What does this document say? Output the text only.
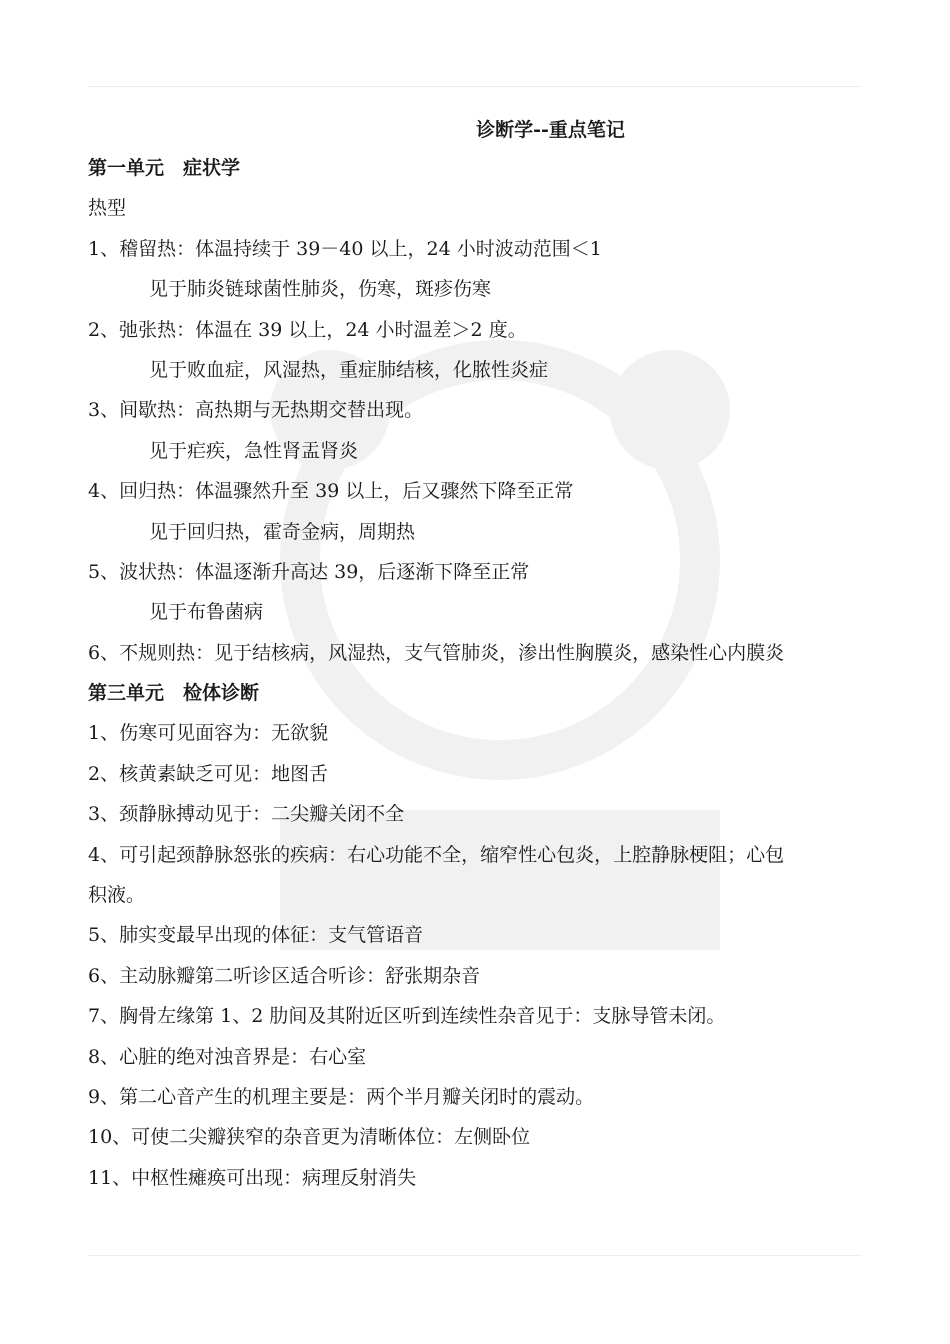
诊断学--重点笔记
第一单元　症状学
热型
1、稽留热：体温持续于 39－40 以上，24 小时波动范围＜1
见于肺炎链球菌性肺炎，伤寒，斑疹伤寒
2、弛张热：体温在 39 以上，24 小时温差＞2 度。
见于败血症，风湿热，重症肺结核，化脓性炎症
3、间歇热：高热期与无热期交替出现。
见于疟疾，急性肾盂肾炎
4、回归热：体温骤然升至 39 以上，后又骤然下降至正常
见于回归热，霍奇金病，周期热
5、波状热：体温逐渐升高达 39，后逐渐下降至正常
见于布鲁菌病
6、不规则热：见于结核病，风湿热，支气管肺炎，渗出性胸膜炎，感染性心内膜炎
第三单元　检体诊断
1、伤寒可见面容为：无欲貌
2、核黄素缺乏可见：地图舌
3、颈静脉搏动见于：二尖瓣关闭不全
4、可引起颈静脉怒张的疾病：右心功能不全，缩窄性心包炎，上腔静脉梗阻；心包
积液。
5、肺实变最早出现的体征：支气管语音
6、主动脉瓣第二听诊区适合听诊：舒张期杂音
7、胸骨左缘第 1、2 肋间及其附近区听到连续性杂音见于：支脉导管未闭。
8、心脏的绝对浊音界是：右心室
9、第二心音产生的机理主要是：两个半月瓣关闭时的震动。
10、可使二尖瓣狭窄的杂音更为清晰体位：左侧卧位
11、中枢性瘫痪可出现：病理反射消失
